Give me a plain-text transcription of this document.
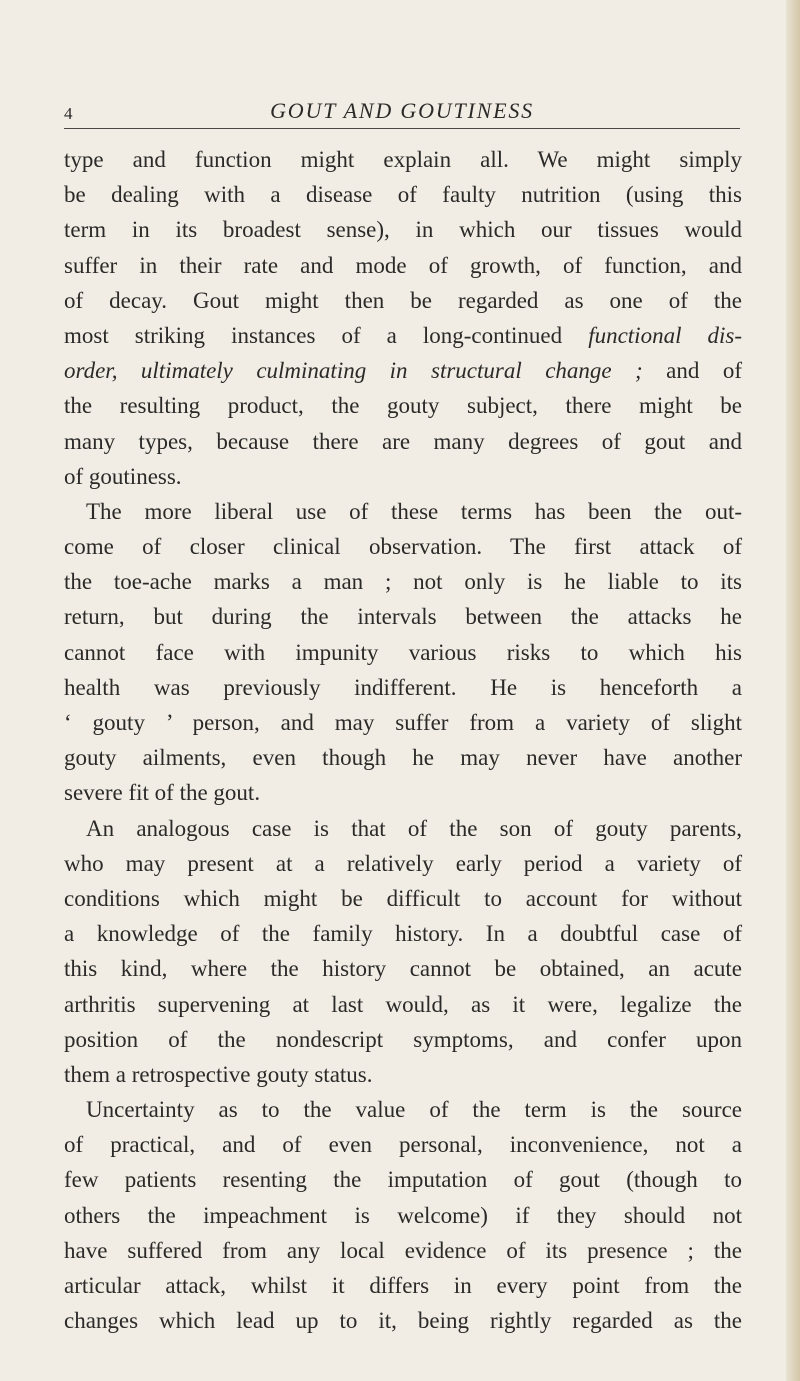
4	GOUT AND GOUTINESS
type and function might explain all. We might simply
be dealing with a disease of faulty nutrition (using this
term in its broadest sense), in which our tissues would
suffer in their rate and mode of growth, of function, and
of decay. Gout might then be regarded as one of the
most striking instances of a long-continued functional dis-
order, ultimately culminating in structural change ; and of
the resulting product, the gouty subject, there might be
many types, because there are many degrees of gout and
of goutiness.
The more liberal use of these terms has been the out-
come of closer clinical observation. The first attack of
the toe-ache marks a man ; not only is he liable to its
return, but during the intervals between the attacks he
cannot face with impunity various risks to which his
health was previously indifferent. He is henceforth a
‘ gouty ’ person, and may suffer from a variety of slight
gouty ailments, even though he may never have another
severe fit of the gout.
An analogous case is that of the son of gouty parents,
who may present at a relatively early period a variety of
conditions which might be difficult to account for without
a knowledge of the family history. In a doubtful case of
this kind, where the history cannot be obtained, an acute
arthritis supervening at last would, as it were, legalize the
position of the nondescript symptoms, and confer upon
them a retrospective gouty status.
Uncertainty as to the value of the term is the source
of practical, and of even personal, inconvenience, not a
few patients resenting the imputation of gout (though to
others the impeachment is welcome) if they should not
have suffered from any local evidence of its presence ; the
articular attack, whilst it differs in every point from the
changes which lead up to it, being rightly regarded as the
